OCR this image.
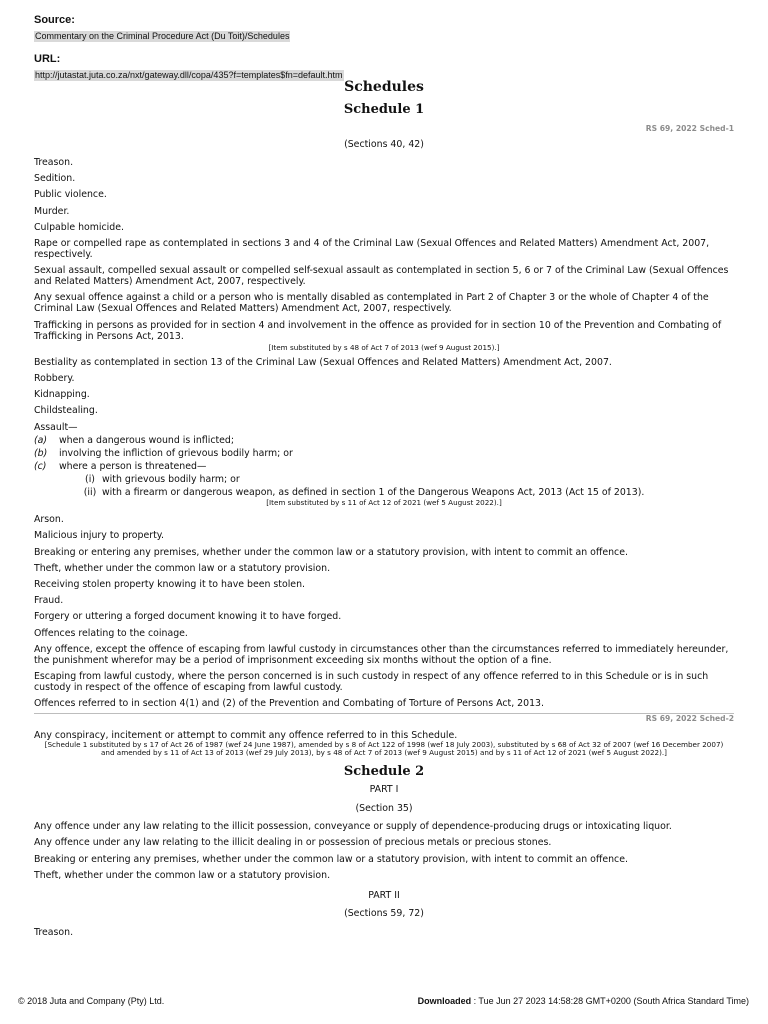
Source:
Commentary on the Criminal Procedure Act (Du Toit)/Schedules
URL:
http://jutastat.juta.co.za/nxt/gateway.dll/copa/435?f=templates$fn=default.htm
Schedules
Schedule 1
RS 69, 2022 Sched-1
(Sections 40, 42)

Treason.

Sedition.

Public violence.

Murder.

Culpable homicide.

Rape or compelled rape as contemplated in sections 3 and 4 of the Criminal Law (Sexual Offences and Related Matters) Amendment Act, 2007, respectively.

Sexual assault, compelled sexual assault or compelled self-sexual assault as contemplated in section 5, 6 or 7 of the Criminal Law (Sexual Offences and Related Matters) Amendment Act, 2007, respectively.

Any sexual offence against a child or a person who is mentally disabled as contemplated in Part 2 of Chapter 3 or the whole of Chapter 4 of the Criminal Law (Sexual Offences and Related Matters) Amendment Act, 2007, respectively.

Trafficking in persons as provided for in section 4 and involvement in the offence as provided for in section 10 of the Prevention and Combating of Trafficking in Persons Act, 2013.

[Item substituted by s 48 of Act 7 of 2013 (wef 9 August 2015).]

Bestiality as contemplated in section 13 of the Criminal Law (Sexual Offences and Related Matters) Amendment Act, 2007.

Robbery.

Kidnapping.

Childstealing.

Assault—
(a)	when a dangerous wound is inflicted;
(b)	involving the infliction of grievous bodily harm; or
(c)	where a person is threatened—
(i) with grievous bodily harm; or
(ii) with a firearm or dangerous weapon, as defined in section 1 of the Dangerous Weapons Act, 2013 (Act 15 of 2013).
[Item substituted by s 11 of Act 12 of 2021 (wef 5 August 2022).]

Arson.

Malicious injury to property.

Breaking or entering any premises, whether under the common law or a statutory provision, with intent to commit an offence.

Theft, whether under the common law or a statutory provision.

Receiving stolen property knowing it to have been stolen.

Fraud.

Forgery or uttering a forged document knowing it to have forged.

Offences relating to the coinage.

Any offence, except the offence of escaping from lawful custody in circumstances other than the circumstances referred to immediately hereunder, the punishment wherefor may be a period of imprisonment exceeding six months without the option of a fine.

Escaping from lawful custody, where the person concerned is in such custody in respect of any offence referred to in this Schedule or is in such custody in respect of the offence of escaping from lawful custody.

Offences referred to in section 4(1) and (2) of the Prevention and Combating of Torture of Persons Act, 2013.

RS 69, 2022 Sched-2
Any conspiracy, incitement or attempt to commit any offence referred to in this Schedule.
[Schedule 1 substituted by s 17 of Act 26 of 1987 (wef 24 June 1987), amended by s 8 of Act 122 of 1998 (wef 18 July 2003), substituted by s 68 of Act 32 of 2007 (wef 16 December 2007) and amended by s 11 of Act 13 of 2013 (wef 29 July 2013), by s 48 of Act 7 of 2013 (wef 9 August 2015) and by s 11 of Act 12 of 2021 (wef 5 August 2022).]
Schedule 2
PART I
(Section 35)

Any offence under any law relating to the illicit possession, conveyance or supply of dependence-producing drugs or intoxicating liquor.

Any offence under any law relating to the illicit dealing in or possession of precious metals or precious stones.

Breaking or entering any premises, whether under the common law or a statutory provision, with intent to commit an offence.

Theft, whether under the common law or a statutory provision.

PART II
(Sections 59, 72)

Treason.

© 2018 Juta and Company (Pty) Ltd.	Downloaded : Tue Jun 27 2023 14:58:28 GMT+0200 (South Africa Standard Time)
